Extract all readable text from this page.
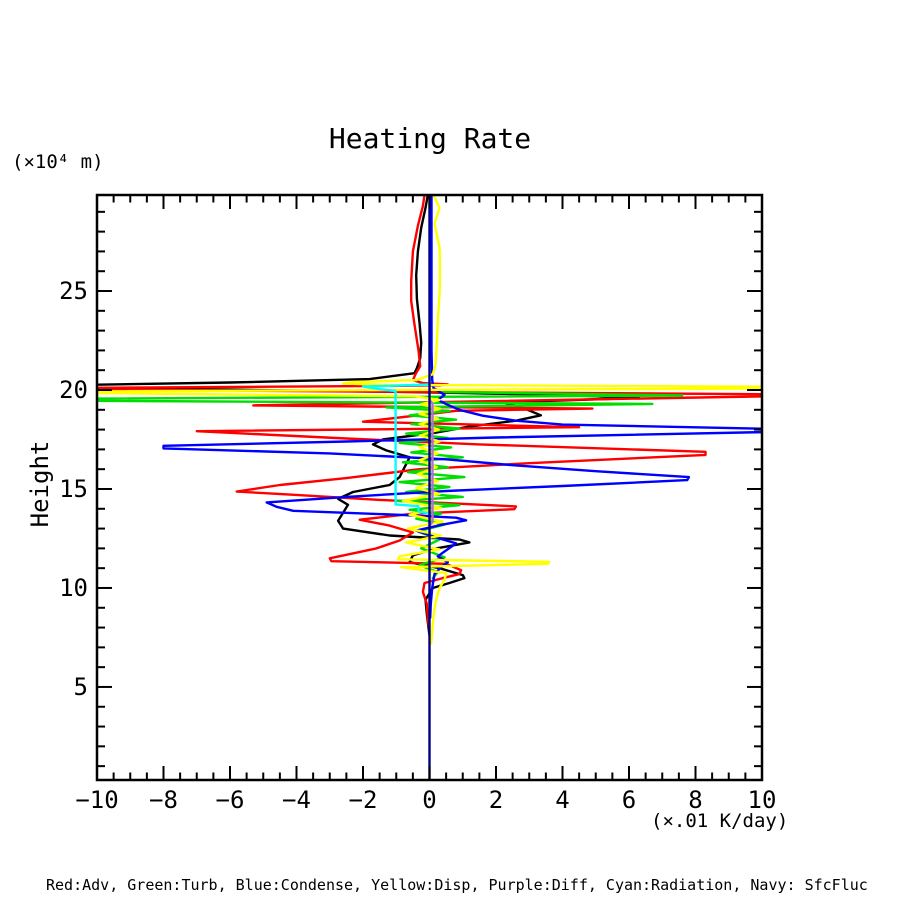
−10 −8 −6 −4 −2 0 2 4 6 8 10
5
10
15
20
25
(×10⁴ m)
Heating Rate
Height
(×.01 K/day)
Red:Adv, Green:Turb, Blue:Condense, Yellow:Disp, Purple:Diff, Cyan:Radiation, Navy: SfcFluc
